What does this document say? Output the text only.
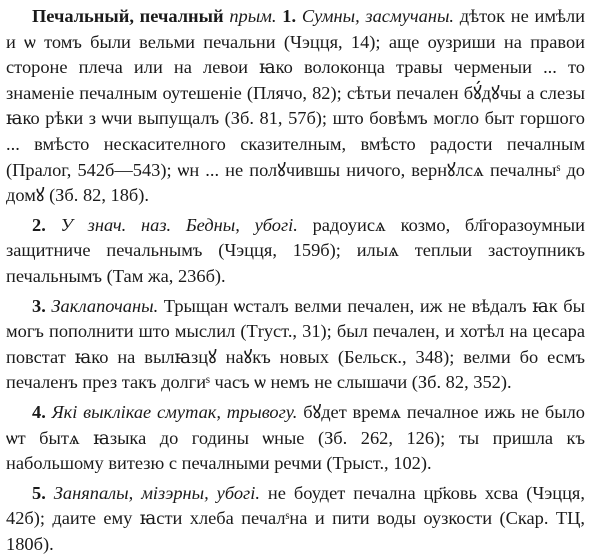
Печальный, печалный прым. 1. Сумны, засмучаны. дѣток не имѣли и ѡ томъ были вельми печальни (Чэцця, 14); аще оузриши на правои стороне плеча или на левои ꙗко волоконца травы черменыи ... то знаменіе печалным оутешеніе (Плячо, 82); сѣтьи печален бꙋ́дꙋчы а слезы ꙗко рѣки з ѡчи выпущалъ (Зб. 81, 57б); што бовѣмъ могло быт горшого ... вмѣсто нескасителного сказителным, вмѣсто радости печалным (Пралог, 542б—543); ѡн ... не полꙋчившы ничого, вернꙋлсѧ печалныˢ до домꙋ (Зб. 82, 18б).

2. У знач. наз. Бедны, убогі. радоуисѧ козмо, бл҃горазоумныи защитниче печальнымъ (Чэцця, 159б); илыѧ теплыи застоупникъ печальнымъ (Там жа, 236б).

3. Заклапочаны. Трыщан ѡсталъ велми печален, иж не вѣдалъ ꙗк бы могъ пополнити што мыслил (Тryст., 31); был печален, и хотѣл на цесара повстат ꙗко на вылꙗзцꙋ наꙋкъ новых (Бельск., 348); велми бо есмъ печаленъ през такъ долгиˢ часъ ѡ немъ не слышачи (Зб. 82, 352).

4. Які выклікае смутак, трывогу. бꙋдет времѧ печалное ижь не было ѡт бытѧ ꙗзыка до годины ѡныe (Зб. 262, 126); ты пришла къ набольшому витезю с печалными речми (Трыст., 102).

5. Заняпалы, мізэрны, убогі. не боудет печална цр҃ковь хсва (Чэцця, 42б); даите ему ꙗсти хлеба печалˢна и пити воды оузкости (Скар. ТЦ, 180б).
